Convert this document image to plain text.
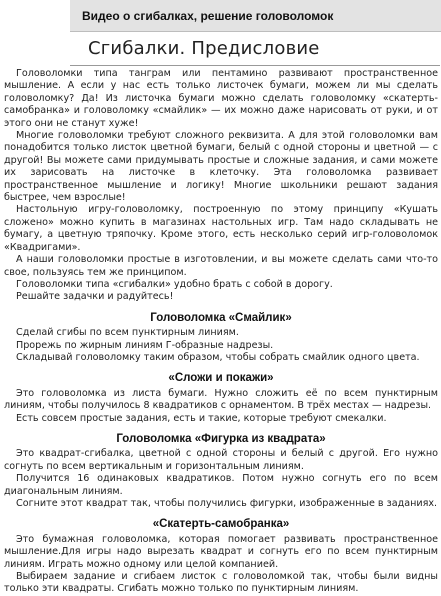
Видео о сгибалках, решение головоломок
Сгибалки. Предисловие

Головоломки типа танграм или пентамино развивают пространственное мышление. А если у нас есть только листочек бумаги, можем ли мы сделать головоломку? Да! Из листочка бумаги можно сделать головоломку «скатерть-самобранка» и головоломку «смайлик» — их можно даже нарисовать от руки, и от этого они не станут хуже!

Многие головоломки требуют сложного реквизита. А для этой головоломки вам понадобится только листок цветной бумаги, белый с одной стороны и цветной — с другой! Вы можете сами придумывать простые и сложные задания, и сами можете их зарисовать на листочке в клеточку. Эта головоломка развивает пространственное мышление и логику! Многие школьники решают задания быстрее, чем взрослые!

Настольную игру-головоломку, построенную по этому принципу «Кушать сложено» можно купить в магазинах настольных игр. Там надо складывать не бумагу, а цветную тряпочку. Кроме этого, есть несколько серий игр-головоломок «Квадригами».

А наши головоломки простые в изготовлении, и вы можете сделать сами что-то свое, пользуясь тем же принципом.

Головоломки типа «сгибалки» удобно брать с собой в дорогу.

Решайте задачки и радуйтесь!

Головоломка «Смайлик»

Сделай сгибы по всем пунктирным линиям.

Прорежь по жирным линиям Г-образные надрезы.

Складывай головоломку таким образом, чтобы собрать смайлик одного цвета.

«Сложи и покажи»

Это головоломка из листа бумаги. Нужно сложить её по всем пунктирным линиям, чтобы получилось 8 квадратиков с орнаментом. В трёх местах — надрезы.

Есть совсем простые задания, есть и такие, которые требуют смекалки.

Головоломка «Фигурка из квадрата»

Это квадрат-сгибалка, цветной с одной стороны и белый с другой. Его нужно согнуть по всем вертикальным и горизонтальным линиям.

Получится 16 одинаковых квадратиков. Потом нужно согнуть его по всем диагональным линиям.

Согните этот квадрат так, чтобы получились фигурки, изображенные в заданиях.

«Скатерть-самобранка»

Это бумажная головоломка, которая помогает развивать пространственное мышление.Для игры надо вырезать квадрат и согнуть его по всем пунктирным линиям. Играть можно одному или целой компанией.

Выбираем задание и сгибаем листок с головоломкой так, чтобы были видны только эти квадраты. Сгибать можно только по пунктирным линиям.
